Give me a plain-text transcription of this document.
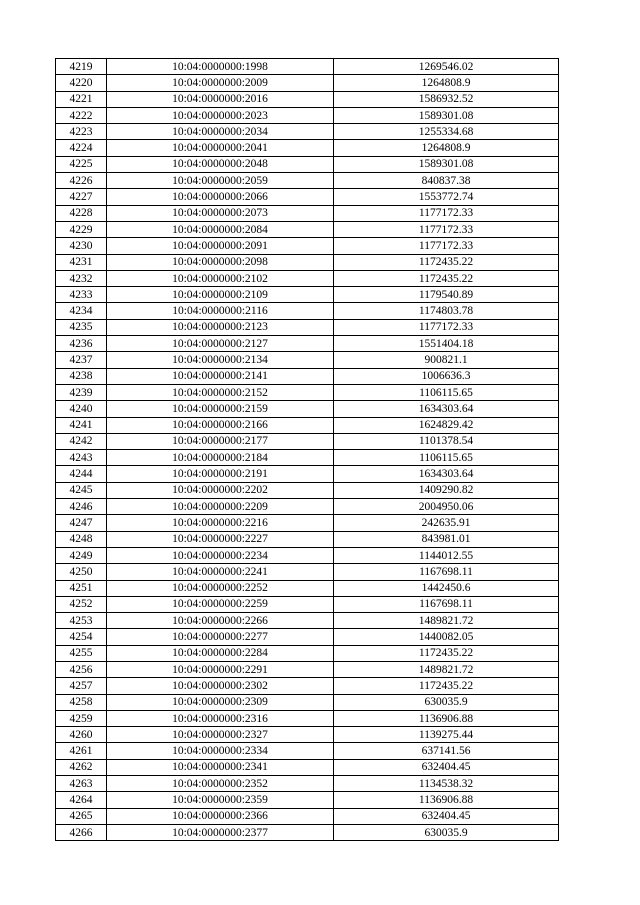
4219	10:04:0000000:1998	1269546.02
4220	10:04:0000000:2009	1264808.9
4221	10:04:0000000:2016	1586932.52
4222	10:04:0000000:2023	1589301.08
4223	10:04:0000000:2034	1255334.68
4224	10:04:0000000:2041	1264808.9
4225	10:04:0000000:2048	1589301.08
4226	10:04:0000000:2059	840837.38
4227	10:04:0000000:2066	1553772.74
4228	10:04:0000000:2073	1177172.33
4229	10:04:0000000:2084	1177172.33
4230	10:04:0000000:2091	1177172.33
4231	10:04:0000000:2098	1172435.22
4232	10:04:0000000:2102	1172435.22
4233	10:04:0000000:2109	1179540.89
4234	10:04:0000000:2116	1174803.78
4235	10:04:0000000:2123	1177172.33
4236	10:04:0000000:2127	1551404.18
4237	10:04:0000000:2134	900821.1
4238	10:04:0000000:2141	1006636.3
4239	10:04:0000000:2152	1106115.65
4240	10:04:0000000:2159	1634303.64
4241	10:04:0000000:2166	1624829.42
4242	10:04:0000000:2177	1101378.54
4243	10:04:0000000:2184	1106115.65
4244	10:04:0000000:2191	1634303.64
4245	10:04:0000000:2202	1409290.82
4246	10:04:0000000:2209	2004950.06
4247	10:04:0000000:2216	242635.91
4248	10:04:0000000:2227	843981.01
4249	10:04:0000000:2234	1144012.55
4250	10:04:0000000:2241	1167698.11
4251	10:04:0000000:2252	1442450.6
4252	10:04:0000000:2259	1167698.11
4253	10:04:0000000:2266	1489821.72
4254	10:04:0000000:2277	1440082.05
4255	10:04:0000000:2284	1172435.22
4256	10:04:0000000:2291	1489821.72
4257	10:04:0000000:2302	1172435.22
4258	10:04:0000000:2309	630035.9
4259	10:04:0000000:2316	1136906.88
4260	10:04:0000000:2327	1139275.44
4261	10:04:0000000:2334	637141.56
4262	10:04:0000000:2341	632404.45
4263	10:04:0000000:2352	1134538.32
4264	10:04:0000000:2359	1136906.88
4265	10:04:0000000:2366	632404.45
4266	10:04:0000000:2377	630035.9
